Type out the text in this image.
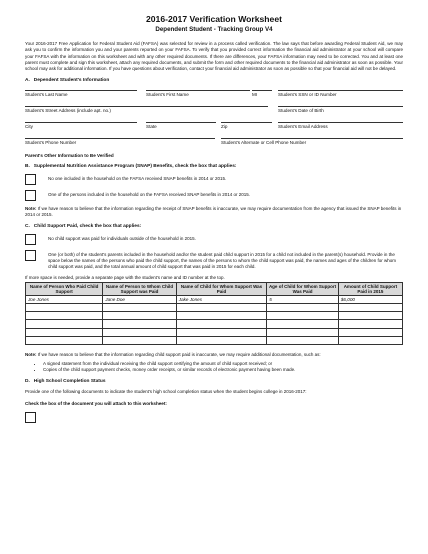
2016-2017 Verification Worksheet
Dependent Student - Tracking Group V4

Your 2016-2017 Free Application for Federal Student Aid (FAFSA) was selected for review in a process called verification. The law says that before awarding Federal Student Aid, we may ask you to confirm the information you and your parents reported on your FAFSA. To verify that you provided correct information the financial aid administrator at your school will compare your FAFSA with the information on this worksheet and with any other required documents. If there are differences, your FAFSA information may need to be corrected. You and at least one parent must complete and sign this worksheet, attach any required documents, and submit the form and other required documents to the financial aid administrator as soon as possible. Your school may ask for additional information. If you have questions about verification, contact your financial aid administrator as soon as possible so that your financial aid will not be delayed.

A.   Dependent Student's Information
Student's Last Name	Student's First Name	MI	Student's SSN or ID Number
Student's Street Address (include apt. no.)	Student's Date of Birth
City	State	Zip	Student's Email Address
Student's Phone Number	Student's Alternate or Cell Phone Number
Parent's Other Information to Be Verified
B.   Supplemental Nutrition Assistance Program (SNAP) Benefits, check the box that applies:
No one included in the household on the FAFSA received SNAP benefits in 2014 or 2015.
One of the persons included in the household on the FAFSA received SNAP benefits in 2014 or 2015.

Note: If we have reason to believe that the information regarding the receipt of SNAP benefits is inaccurate, we may require documentation from the agency that issued the SNAP benefits in 2014 or 2015.

C.   Child Support Paid, check the box that applies:
No child support was paid for individuals outside of the household in 2015.
One (or both) of the student's parents included in the household and/or the student paid child support in 2015 for a child not included in the parent(s) household. Provide in the space below the names of the persons who paid the child support, the names of the persons to whom the child support was paid, the names and ages of the children for whom child support was paid, and the total annual amount of child support that was paid in 2015 for each child.

If more space is needed, provide a separate page with the student's name and ID number at the top.

Name of Person Who Paid Child Support	Name of Person to Whom Child Support was Paid	Name of Child for Whom Support Was Paid	Age of Child for Whom Support Was Paid	Amount of Child Support Paid in 2015
Joe Jones	Jane Doe	Jake Jones	5	$6,000

Note: If we have reason to believe that the information regarding child support paid is inaccurate, we may require additional documentation, such as:

• A signed statement from the individual receiving the child support certifying the amount of child support received; or
• Copies of the child support payment checks, money order receipts, or similar records of electronic payment having been made.
D.   High School Completion Status

Provide one of the following documents to indicate the student's high school completion status when the student begins college in 2016-2017:

Check the box of the document you will attach to this worksheet:
